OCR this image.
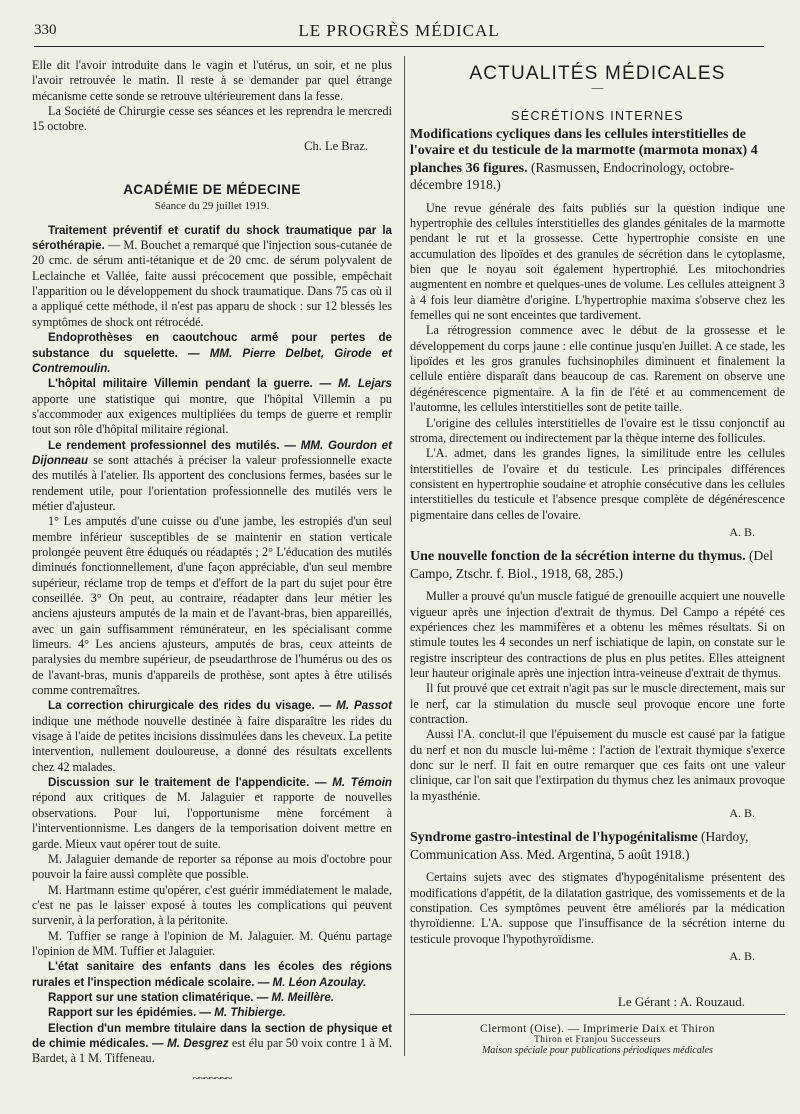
330	LE PROGRÈS MÉDICAL

Elle dit l'avoir introduite dans le vagin et l'utérus, un soir, et ne plus l'avoir retrouvée le matin. Il reste à se demander par quel étrange mécanisme cette sonde se retrouve ultérieurement dans la fesse.

La Société de Chirurgie cesse ses séances et les reprendra le mercredi 15 octobre.

Ch. Le Braz.

ACADÉMIE DE MÉDECINE
Séance du 29 juillet 1919.

Traitement préventif et curatif du shock traumatique par la sérothérapie. — M. Bouchet a remarqué que l'injection sous-cutanée de 20 cmc. de sérum anti-tétanique et de 20 cmc. de sérum polyvalent de Leclainche et Vallée, faite aussi précocement que possible, empêchait l'apparition ou le développement du shock traumatique. Dans 75 cas où il a appliqué cette méthode, il n'est pas apparu de shock : sur 12 blessés les symptômes de shock ont rétrocédé.

Endoprothèses en caoutchouc armé pour pertes de substance du squelette. — MM. Pierre Delbet, Girode et Contremoulin.

L'hôpital militaire Villemin pendant la guerre. — M. Lejars apporte une statistique qui montre, que l'hôpital Villemin a pu s'accommoder aux exigences multipliées du temps de guerre et remplir tout son rôle d'hôpital militaire régional.

Le rendement professionnel des mutilés. — MM. Gourdon et Dijonneau se sont attachés à préciser la valeur professionnelle exacte des mutilés à l'atelier. Ils apportent des conclusions fermes, basées sur le rendement utile, pour l'orientation professionnelle des mutilés vers le métier d'ajusteur.

1° Les amputés d'une cuisse ou d'une jambe, les estropiés d'un seul membre inférieur susceptibles de se maintenir en station verticale prolongée peuvent être éduqués ou réadaptés ; 2° L'éducation des mutilés diminués fonctionnellement, d'une façon appréciable, d'un seul membre supérieur, réclame trop de temps et d'effort de la part du sujet pour être conseillée. 3° On peut, au contraire, réadapter dans leur métier les anciens ajusteurs amputés de la main et de l'avant-bras, bien appareillés, avec un gain suffisamment rémunérateur, en les spécialisant comme limeurs. 4° Les anciens ajusteurs, amputés de bras, ceux atteints de paralysies du membre supérieur, de pseudarthrose de l'humérus ou des os de l'avant-bras, munis d'appareils de prothèse, sont aptes à être utilisés comme contremaîtres.

La correction chirurgicale des rides du visage. — M. Passot indique une méthode nouvelle destinée à faire disparaître les rides du visage à l'aide de petites incisions dissimulées dans les cheveux. La petite intervention, nullement douloureuse, a donné des résultats excellents chez 42 malades.

Discussion sur le traitement de l'appendicite. — M. Témoin répond aux critiques de M. Jalaguier et rapporte de nouvelles observations. Pour lui, l'opportunisme mène forcément à l'interventionnisme. Les dangers de la temporisation doivent mettre en garde. Mieux vaut opérer tout de suite.

M. Jalaguier demande de reporter sa réponse au mois d'octobre pour pouvoir la faire aussi complète que possible.

M. Hartmann estime qu'opérer, c'est guérir immédiatement le malade, c'est ne pas le laisser exposé à toutes les complications qui peuvent survenir, à la perforation, à la péritonite.

M. Tuffier se range à l'opinion de M. Jalaguier. M. Quénu partage l'opinion de MM. Tuffier et Jalaguier.

L'état sanitaire des enfants dans les écoles des régions rurales et l'inspection médicale scolaire. — M. Léon Azoulay.

Rapport sur une station climatérique. — M. Meillère.

Rapport sur les épidémies. — M. Thibierge.

Election d'un membre titulaire dans la section de physique et de chimie médicales. — M. Desgrez est élu par 50 voix contre 1 à M. Bardet, à 1 M. Tiffeneau.

~~~~~~~
ACTUALITÉS MÉDICALES
—
SÉCRÉTIONS INTERNES

Modifications cycliques dans les cellules interstitielles de l'ovaire et du testicule de la marmotte (marmota monax) 4 planches 36 figures. (Rasmussen, Endocrinology, octobre-décembre 1918.)

Une revue générale des faits publiés sur la question indique une hypertrophie des cellules interstitielles des glandes génitales de la marmotte pendant le rut et la grossesse. Cette hypertrophie consiste en une accumulation des lipoïdes et des granules de sécrétion dans le cytoplasme, bien que le noyau soit également hypertrophié. Les mitochondries augmentent en nombre et quelques-unes de volume. Les cellules atteignent 3 à 4 fois leur diamètre d'origine. L'hypertrophie maxima s'observe chez les femelles qui ne sont enceintes que tardivement.

La rétrogression commence avec le début de la grossesse et le développement du corps jaune : elle continue jusqu'en Juillet. A ce stade, les lipoïdes et les gros granules fuchsinophiles diminuent et finalement la cellule entière disparaît dans beaucoup de cas. Rarement on observe une dégénérescence pigmentaire. A la fin de l'été et au commencement de l'automne, les cellules interstitielles sont de petite taille.

L'origine des cellules interstitielles de l'ovaire est le tissu conjonctif au stroma, directement ou indirectement par la thèque interne des follicules.

L'A. admet, dans les grandes lignes, la similitude entre les cellules interstitielles de l'ovaire et du testicule. Les principales différences consistent en hypertrophie soudaine et atrophie consécutive dans les cellules interstitielles du testicule et l'absence presque complète de dégénérescence pigmentaire dans celles de l'ovaire.

A. B.

Une nouvelle fonction de la sécrétion interne du thymus. (Del Campo, Ztschr. f. Biol., 1918, 68, 285.)

Muller a prouvé qu'un muscle fatigué de grenouille acquiert une nouvelle vigueur après une injection d'extrait de thymus. Del Campo a répété ces expériences chez les mammifères et a obtenu les mêmes résultats. Si on stimule toutes les 4 secondes un nerf ischiatique de lapin, on constate sur le registre inscripteur des contractions de plus en plus petites. Elles atteignent leur hauteur originale après une injection intra-veineuse d'extrait de thymus.

Il fut prouvé que cet extrait n'agit pas sur le muscle directement, mais sur le nerf, car la stimulation du muscle seul provoque encore une forte contraction.

Aussi l'A. conclut-il que l'épuisement du muscle est causé par la fatigue du nerf et non du muscle lui-même : l'action de l'extrait thymique s'exerce donc sur le nerf. Il fait en outre remarquer que ces faits ont une valeur clinique, car l'on sait que l'extirpation du thymus chez les animaux provoque la myasthénie.

A. B.

Syndrome gastro-intestinal de l'hypogénitalisme (Hardoy, Communication Ass. Med. Argentina, 5 août 1918.)

Certains sujets avec des stigmates d'hypogénitalisme présentent des modifications d'appétit, de la dilatation gastrique, des vomissements et de la constipation. Ces symptômes peuvent être améliorés par la médication thyroïdienne. L'A. suppose que l'insuffisance de la sécrétion interne du testicule provoque l'hypothyroïdisme.

A. B.

Le Gérant : A. Rouzaud.
Clermont (Oise). — Imprimerie Daix et Thiron
Thiron et Franjou Successeurs
Maison spéciale pour publications périodiques médicales
